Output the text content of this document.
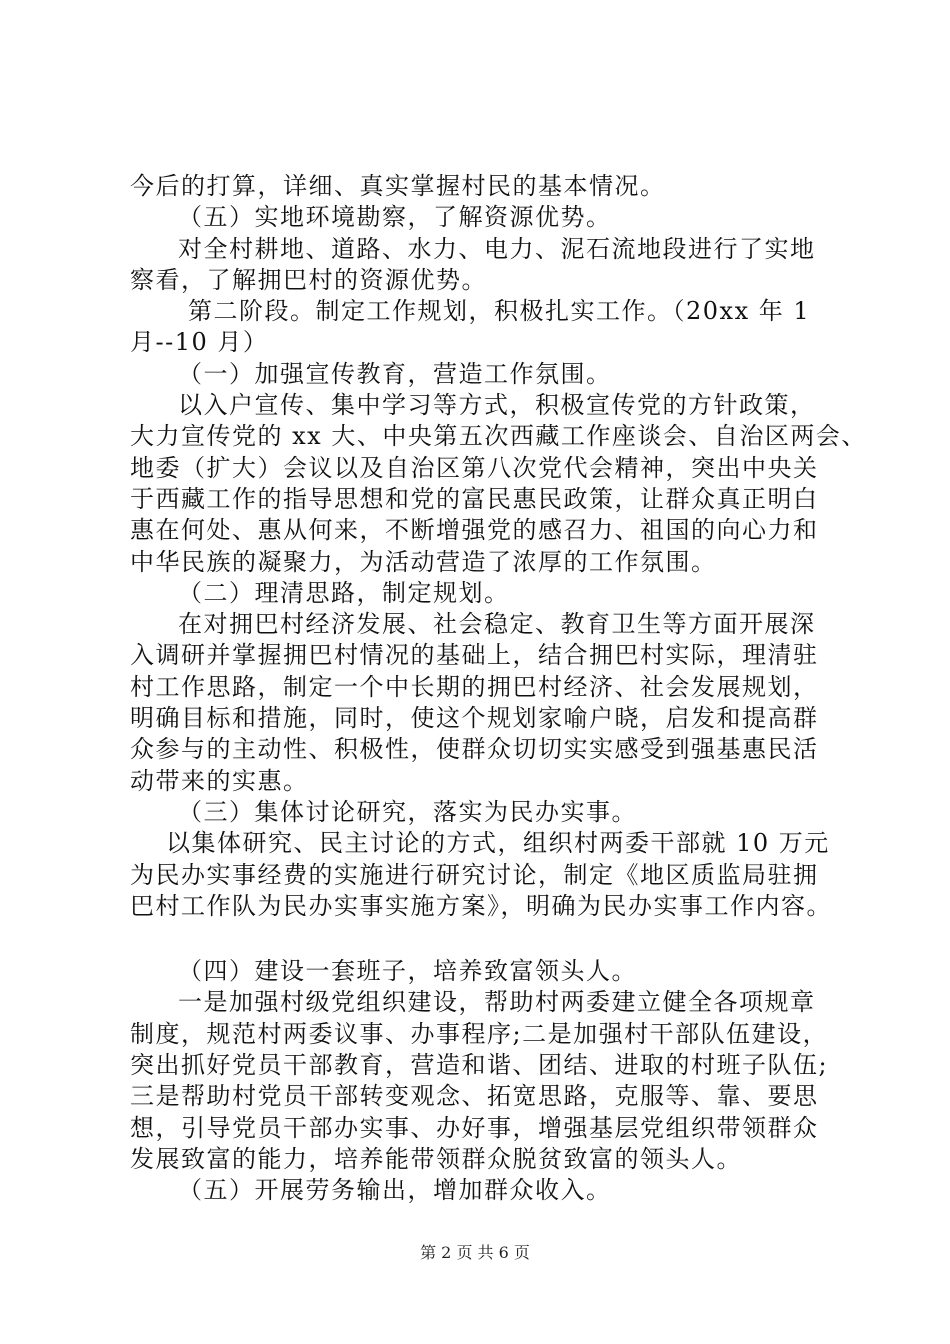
今后的打算，详细、真实掌握村民的基本情况。
（五）实地环境勘察，了解资源优势。
对全村耕地、道路、水力、电力、泥石流地段进行了实地
察看，了解拥巴村的资源优势。
第二阶段。制定工作规划，积极扎实工作。（20xx 年 1
月--10 月）
（一）加强宣传教育，营造工作氛围。
以入户宣传、集中学习等方式，积极宣传党的方针政策，
大力宣传党的 xx 大、中央第五次西藏工作座谈会、自治区两会、
地委（扩大）会议以及自治区第八次党代会精神，突出中央关
于西藏工作的指导思想和党的富民惠民政策，让群众真正明白
惠在何处、惠从何来，不断增强党的感召力、祖国的向心力和
中华民族的凝聚力，为活动营造了浓厚的工作氛围。
（二）理清思路，制定规划。
在对拥巴村经济发展、社会稳定、教育卫生等方面开展深
入调研并掌握拥巴村情况的基础上，结合拥巴村实际，理清驻
村工作思路，制定一个中长期的拥巴村经济、社会发展规划，
明确目标和措施，同时，使这个规划家喻户晓，启发和提高群
众参与的主动性、积极性，使群众切切实实感受到强基惠民活
动带来的实惠。
（三）集体讨论研究，落实为民办实事。
以集体研究、民主讨论的方式，组织村两委干部就 10 万元
为民办实事经费的实施进行研究讨论，制定《地区质监局驻拥
巴村工作队为民办实事实施方案》，明确为民办实事工作内容。
（四）建设一套班子，培养致富领头人。
一是加强村级党组织建设，帮助村两委建立健全各项规章
制度，规范村两委议事、办事程序;二是加强村干部队伍建设，
突出抓好党员干部教育，营造和谐、团结、进取的村班子队伍;
三是帮助村党员干部转变观念、拓宽思路，克服等、靠、要思
想，引导党员干部办实事、办好事，增强基层党组织带领群众
发展致富的能力，培养能带领群众脱贫致富的领头人。
（五）开展劳务输出，增加群众收入。
第 2 页 共 6 页
